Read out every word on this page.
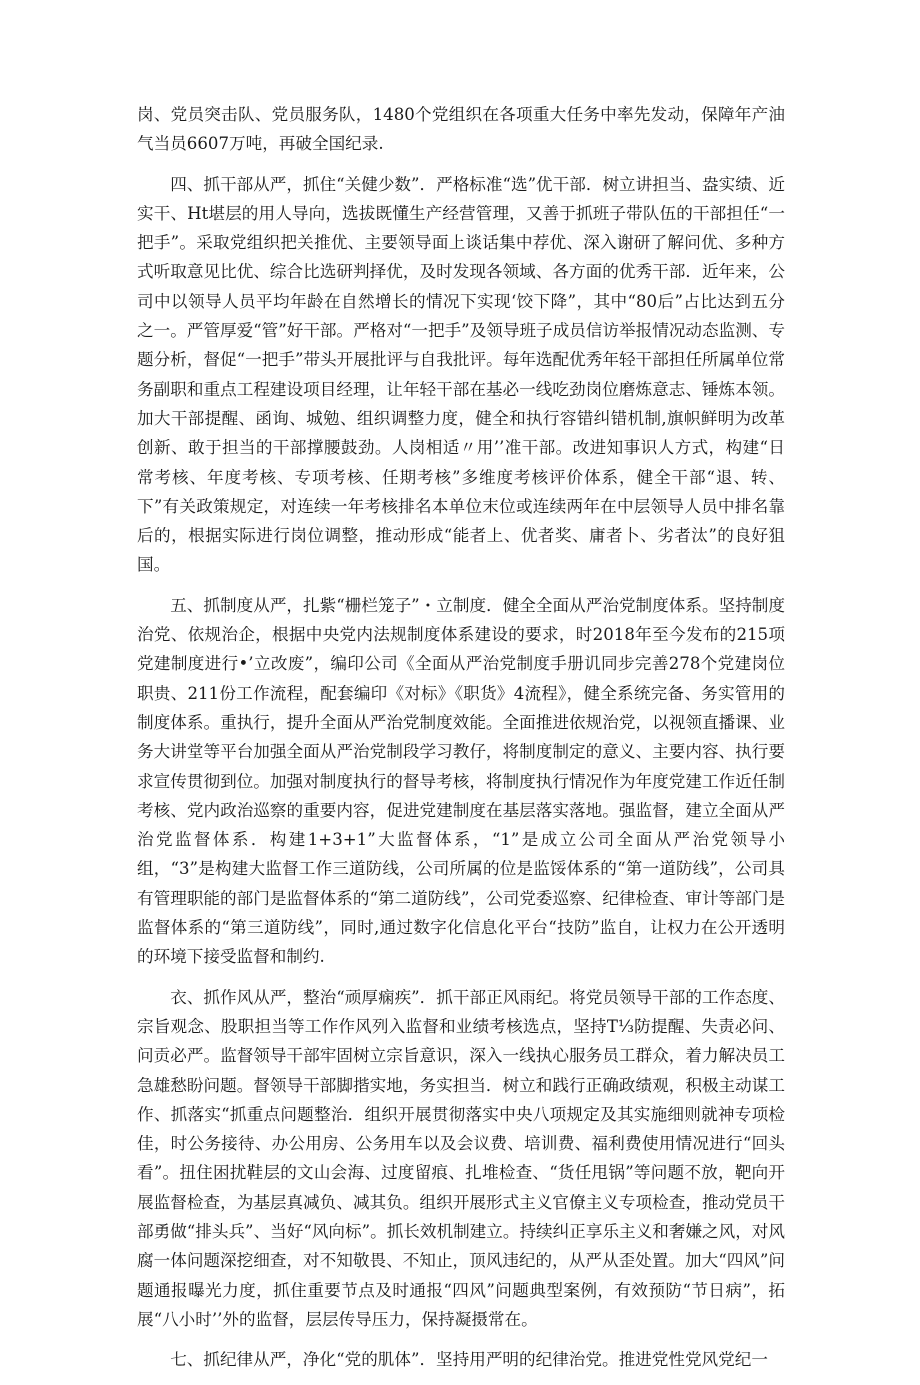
岗、党员突击队、党员服务队，1480个党组织在各项重大任务中率先发动，保障年产油气当员6607万吨，再破全国纪录.

四、抓干部从严，抓住“关健少数”．严格标准“选”优干部．树立讲担当、盎实绩、近实干、Ht堪层的用人导向，选拔既懂生产经营管理，又善于抓班子带队伍的干部担任“一把手”。采取党组织把关推优、主要领导面上谈话集中荐优、深入谢研了解问优、多种方式听取意见比优、综合比选研判择优，及时发现各领域、各方面的优秀干部．近年来，公司中以领导人员平均年龄在自然增长的情况下实现‘饺下降”，其中“80后”占比达到五分之一。严管厚爱“管”好干部。严格对“一把手”及领导班子成员信访举报情况动态监测、专题分析，督促“一把手”带头开展批评与自我批评。每年选配优秀年轻干部担任所属单位常务副职和重点工程建设项目经理，让年轻干部在基必一线吃劲岗位磨炼意志、锤炼本领。加大干部提醒、函询、城勉、组织调整力度，健全和执行容错纠错机制,旗帜鲜明为改革创新、敢于担当的干部撑腰鼓劲。人岗相适〃用’’准干部。改进知事识人方式，构建“日常考核、年度考核、专项考核、任期考核”多维度考核评价体系，健全干部“退、转、下”有关政策规定，对连续一年考核排名本单位末位或连续两年在中层领导人员中排名靠后的，根据实际进行岗位调整，推动形成“能者上、优者奖、庸者卜、劣者汰”的良好狙国。

五、抓制度从严，扎紫“栅栏笼子”・立制度．健全全面从严治党制度体系。坚持制度治党、依规治企，根据中央党内法规制度体系建设的要求，时2018年至今发布的215项党建制度进行•’立改废”，编印公司《全面从严治党制度手册讥同步完善278个党建岗位职贵、211份工作流程，配套编印《对标》《职货》4流程》，健全系统完备、务实管用的制度体系。重执行，提升全面从严治党制度效能。全面推进依规治党，以视领直播课、业务大讲堂等平台加强全面从严治党制段学习教仔，将制度制定的意义、主要内容、执行要求宣传贯彻到位。加强对制度执行的督导考核，将制度执行情况作为年度党建工作近任制考核、党内政治巡察的重要内容，促进党建制度在基层落实落地。强监督，建立全面从严治党监督体系．构建1+3+1”大监督体系，“1”是成立公司全面从严治党领导小组，“3”是构建大监督工作三道防线，公司所属的位是监馁体系的“第一道防线”，公司具有管理职能的部门是监督体系的“第二道防线”，公司党委巡察、纪律检查、审计等部门是监督体系的“第三道防线”，同时,通过数字化信息化平台“技防”监自，让权力在公开透明的环境下接受监督和制约.

衣、抓作风从严，整治“顽厚痫疾”．抓干部正风雨纪。将党员领导干部的工作态度、宗旨观念、股职担当等工作作风列入监督和业绩考核选点，坚持T⅓防提醒、失责必问、问贡必严。监督领导干部牢固树立宗旨意识，深入一线执心服务员工群众，着力解决员工急雄愁盼问题。督领导干部脚揩实地，务实担当．树立和践行正确政绩观，积极主动谋工作、抓落实“抓重点问题整治．组织开展贯彻落实中央八项规定及其实施细则就神专项检佳，时公务接待、办公用房、公务用车以及会议费、培训费、福利费使用情况进行“回头看”。扭住困扰鞋层的文山会海、过度留痕、扎堆检查、“货任甩锅”等问题不放，靶向开展监督检查，为基层真减负、减其负。组织开展形式主义官僚主义专项检查，推动党员干部勇做“排头兵”、当好“风向标”。抓长效机制建立。持续纠正享乐主义和奢嫌之风，对风腐一体问题深挖细查，对不知敬畏、不知止，顶风违纪的，从严从歪处置。加大“四风”问题通报曝光力度，抓住重要节点及时通报“四风”问题典型案例，有效预防“节日病”，拓展“八小时’’外的监督，层层传导压力，保持凝摄常在。

七、抓纪律从严，净化“党的肌体”．坚持用严明的纪律治党。推进党性党风党纪一
